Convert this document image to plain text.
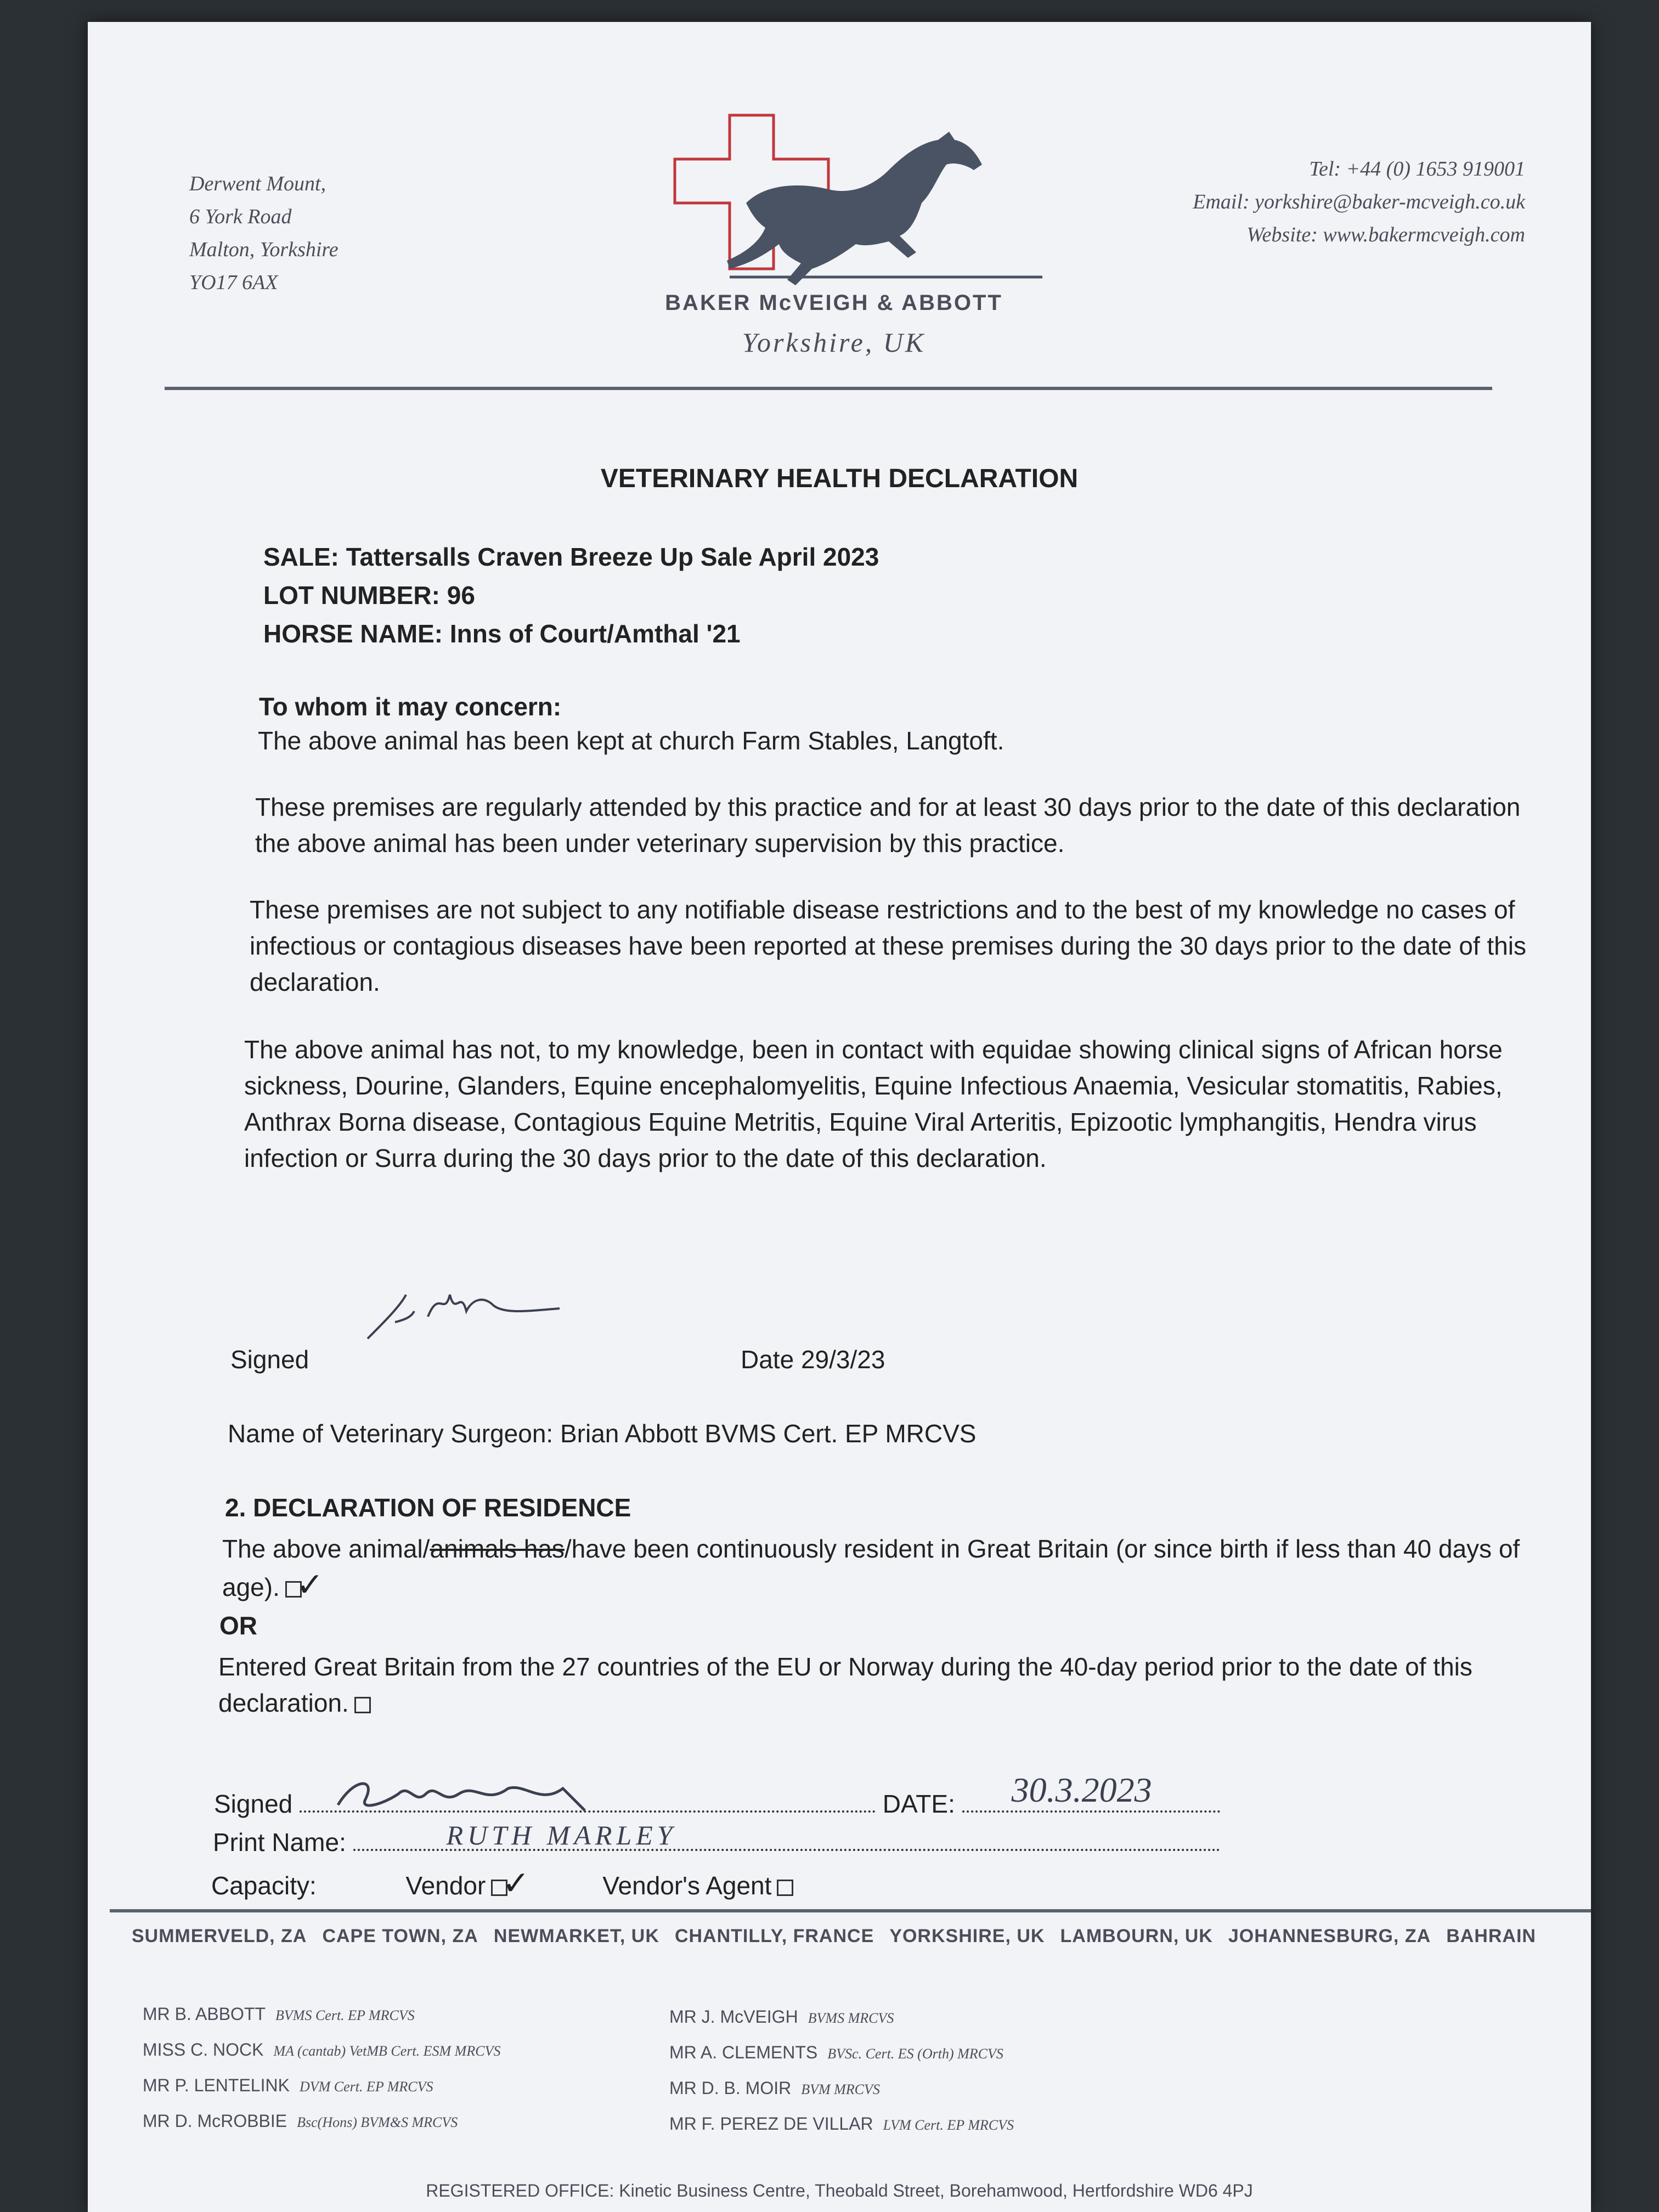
Derwent Mount,
6 York Road
Malton, Yorkshire
YO17 6AX
BAKER McVEIGH & ABBOTT
Yorkshire, UK
Tel: +44 (0) 1653 919001
Email: yorkshire@baker-mcveigh.co.uk
Website: www.bakermcveigh.com
VETERINARY HEALTH DECLARATION
SALE: Tattersalls Craven Breeze Up Sale April 2023
LOT NUMBER: 96
HORSE NAME: Inns of Court/Amthal '21
To whom it may concern:
The above animal has been kept at church Farm Stables, Langtoft.
These premises are regularly attended by this practice and for at least 30 days prior to the date of this declaration the above animal has been under veterinary supervision by this practice.
These premises are not subject to any notifiable disease restrictions and to the best of my knowledge no cases of infectious or contagious diseases have been reported at these premises during the 30 days prior to the date of this declaration.
The above animal has not, to my knowledge, been in contact with equidae showing clinical signs of African horse sickness, Dourine, Glanders, Equine encephalomyelitis, Equine Infectious Anaemia, Vesicular stomatitis, Rabies, Anthrax Borna disease, Contagious Equine Metritis, Equine Viral Arteritis, Epizootic lymphangitis, Hendra virus infection or Surra during the 30 days prior to the date of this declaration.
Signed	Date 29/3/23
Name of Veterinary Surgeon: Brian Abbott BVMS Cert. EP MRCVS
2. DECLARATION OF RESIDENCE
The above animal/animals has/have been continuously resident in Great Britain (or since birth if less than 40 days of age). ✓
OR
Entered Great Britain from the 27 countries of the EU or Norway during the 40-day period prior to the date of this declaration.
Signed	DATE: 30.3.2023
Print Name:	RUTH MARLEY
Capacity:	Vendor ✓	Vendor's Agent
SUMMERVELD, ZA CAPE TOWN, ZA NEWMARKET, UK CHANTILLY, FRANCE YORKSHIRE, UK LAMBOURN, UK JOHANNESBURG, ZA BAHRAIN
MR B. ABBOTT BVMS Cert. EP MRCVS
MISS C. NOCK MA (cantab) VetMB Cert. ESM MRCVS
MR P. LENTELINK DVM Cert. EP MRCVS
MR D. McROBBIE Bsc(Hons) BVM&S MRCVS
MR J. McVEIGH BVMS MRCVS
MR A. CLEMENTS BVSc. Cert. ES (Orth) MRCVS
MR D. B. MOIR BVM MRCVS
MR F. PEREZ DE VILLAR LVM Cert. EP MRCVS
REGISTERED OFFICE: Kinetic Business Centre, Theobald Street, Borehamwood, Hertfordshire WD6 4PJ
